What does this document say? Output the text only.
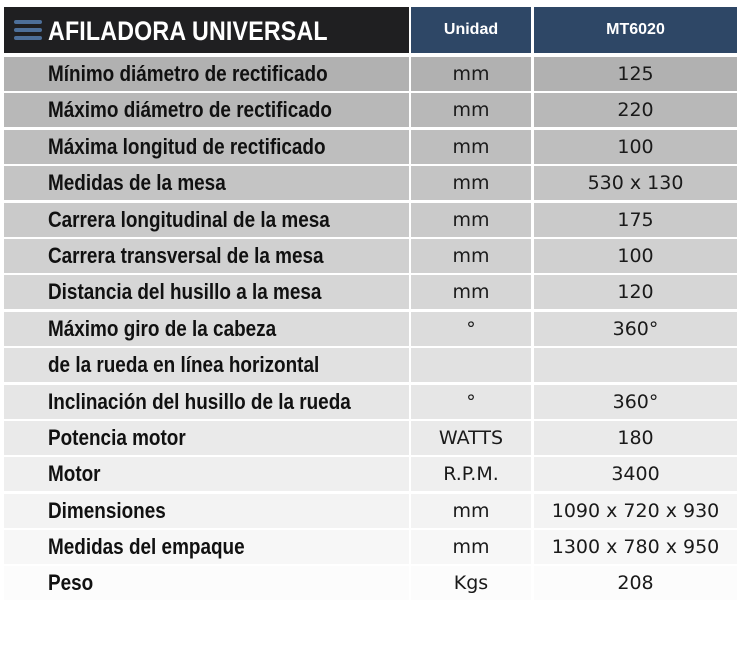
AFILADORA UNIVERSAL	Unidad	MT6020
Mínimo diámetro de rectificado	mm	125
Máximo diámetro de rectificado	mm	220
Máxima longitud de rectificado	mm	100
Medidas de la mesa	mm	530 x 130
Carrera longitudinal de la mesa	mm	175
Carrera transversal de la mesa	mm	100
Distancia del husillo a la mesa	mm	120
Máximo giro de la cabeza	°	360°
de la rueda en línea horizontal
Inclinación del husillo de la rueda	°	360°
Potencia motor	WATTS	180
Motor	R.P.M.	3400
Dimensiones	mm	1090 x 720 x 930
Medidas del empaque	mm	1300 x 780 x 950
Peso	Kgs	208
